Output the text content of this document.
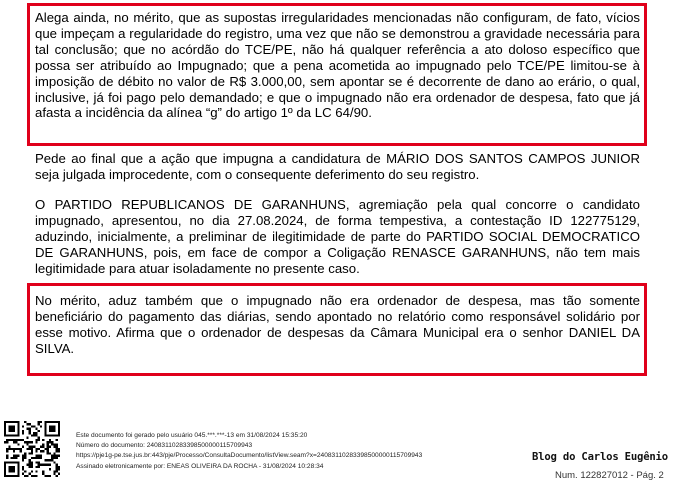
Alega ainda, no mérito, que as supostas irregularidades mencionadas não configuram, de fato, vícios que impeçam a regularidade do registro, uma vez que não se demonstrou a gravidade necessária para tal conclusão; que no acórdão do TCE/PE, não há qualquer referência a ato doloso específico que possa ser atribuído ao Impugnado; que a pena acometida ao impugnado pelo TCE/PE limitou-se à imposição de débito no valor de R$ 3.000,00, sem apontar se é decorrente de dano ao erário, o qual, inclusive, já foi pago pelo demandado; e que o impugnado não era ordenador de despesa, fato que já afasta a incidência da alínea “g” do artigo 1º da LC 64/90.

Pede ao final que a ação que impugna a candidatura de MÁRIO DOS SANTOS CAMPOS JUNIOR seja julgada improcedente, com o consequente deferimento do seu registro.

O PARTIDO REPUBLICANOS DE GARANHUNS, agremiação pela qual concorre o candidato impugnado, apresentou, no dia 27.08.2024, de forma tempestiva, a contestação ID 122775129, aduzindo, inicialmente, a preliminar de ilegitimidade de parte do PARTIDO SOCIAL DEMOCRATICO DE GARANHUNS, pois, em face de compor a Coligação RENASCE GARANHUNS, não tem mais legitimidade para atuar isoladamente no presente caso.

No mérito, aduz também que o impugnado não era ordenador de despesa, mas tão somente beneficiário do pagamento das diárias, sendo apontado no relatório como responsável solidário por esse motivo. Afirma que o ordenador de despesas da Câmara Municipal era o senhor DANIEL DA SILVA.

Este documento foi gerado pelo usuário 045.***.***-13 em 31/08/2024 15:35:20
Número do documento: 24083110283398500000115709943
https://pje1g-pe.tse.jus.br:443/pje/Processo/ConsultaDocumento/listView.seam?x=24083110283398500000115709943
Assinado eletronicamente por: ENEAS OLIVEIRA DA ROCHA - 31/08/2024 10:28:34
Blog do Carlos Eugênio
Num. 122827012 - Pág. 2
